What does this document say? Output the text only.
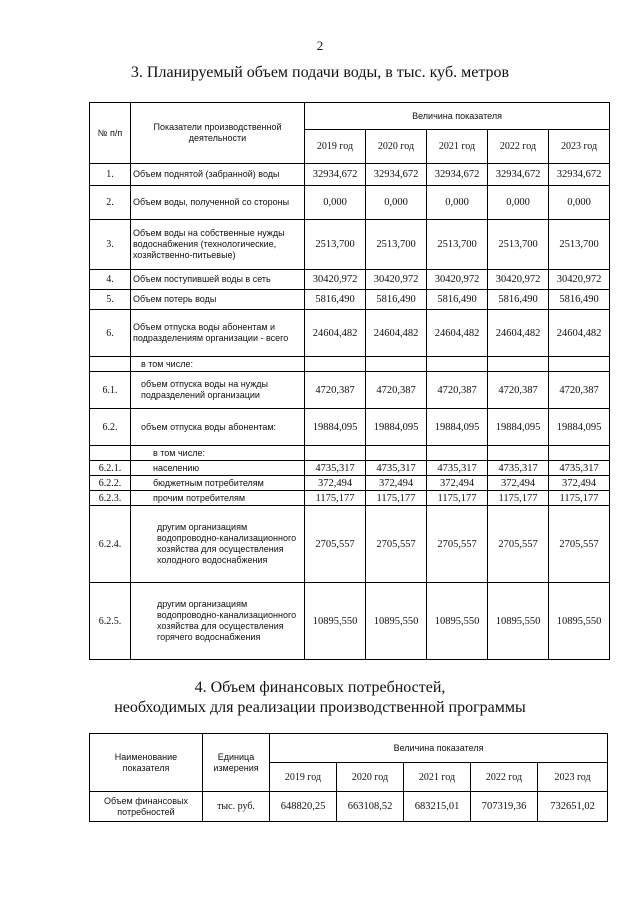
2
3. Планируемый объем подачи воды, в тыс. куб. метров
№ п/п	Показатели производственной деятельности	Величина показателя				
		2019 год	2020 год	2021 год	2022 год	2023 год
1.	Объем поднятой (забранной) воды	32934,672	32934,672	32934,672	32934,672	32934,672
2.	Объем воды, полученной со стороны	0,000	0,000	0,000	0,000	0,000
3.	Объем воды на собственные нужды водоснабжения (технологические, хозяйственно-питьевые)	2513,700	2513,700	2513,700	2513,700	2513,700
4.	Объем поступившей воды в сеть	30420,972	30420,972	30420,972	30420,972	30420,972
5.	Объем потерь воды	5816,490	5816,490	5816,490	5816,490	5816,490
6.	Объем отпуска воды абонентам и подразделениям организации - всего	24604,482	24604,482	24604,482	24604,482	24604,482
	в том числе:					
6.1.	объем отпуска воды на нужды подразделений организации	4720,387	4720,387	4720,387	4720,387	4720,387
6.2.	объем отпуска воды абонентам:	19884,095	19884,095	19884,095	19884,095	19884,095
	в том числе:					
6.2.1.	населению	4735,317	4735,317	4735,317	4735,317	4735,317
6.2.2.	бюджетным потребителям	372,494	372,494	372,494	372,494	372,494
6.2.3.	прочим потребителям	1175,177	1175,177	1175,177	1175,177	1175,177
6.2.4.	другим организациям водопроводно-канализационного хозяйства для осуществления холодного водоснабжения	2705,557	2705,557	2705,557	2705,557	2705,557
6.2.5.	другим организациям водопроводно-канализационного хозяйства для осуществления горячего водоснабжения	10895,550	10895,550	10895,550	10895,550	10895,550
4. Объем финансовых потребностей,
необходимых для реализации производственной программы
Наименование показателя	Единица измерения	Величина показателя				
		2019 год	2020 год	2021 год	2022 год	2023 год
Объем финансовых потребностей	тыс. руб.	648820,25	663108,52	683215,01	707319,36	732651,02
